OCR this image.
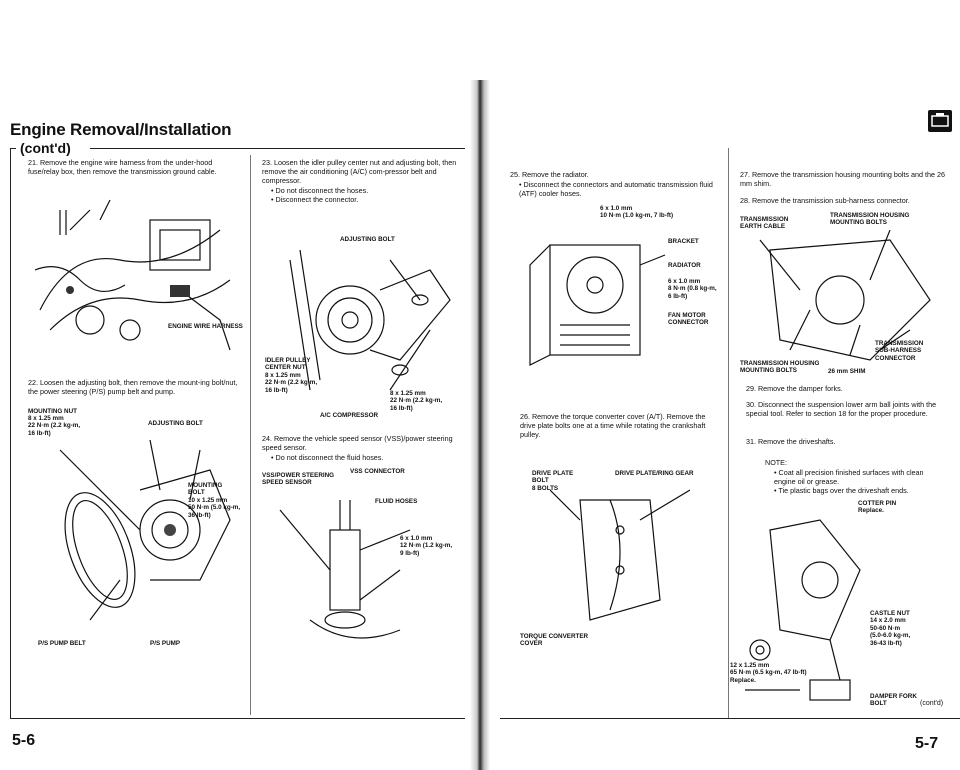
Engine Removal/Installation
(cont'd)

21. Remove the engine wire harness from the under-hood fuse/relay box, then remove the transmission ground cable.

ENGINE WIRE HARNESS

22. Loosen the adjusting bolt, then remove the mount-ing bolt/nut, the power steering (P/S) pump belt and pump.

MOUNTING NUT
8 x 1.25 mm
22 N·m (2.2 kg-m,
16 lb-ft)
ADJUSTING BOLT
MOUNTING
BOLT
10 x 1.25 mm
50 N·m (5.0 kg-m,
36 lb-ft)
P/S PUMP BELT	P/S PUMP

23. Loosen the idler pulley center nut and adjusting bolt, then remove the air conditioning (A/C) com-pressor belt and compressor.

• Do not disconnect the hoses.
• Disconnect the connector.
ADJUSTING BOLT
IDLER PULLEY
CENTER NUT
8 x 1.25 mm
22 N·m (2.2 kg-m,
16 lb-ft)	8 x 1.25 mm
22 N·m (2.2 kg-m,
16 lb-ft)
A/C COMPRESSOR

24. Remove the vehicle speed sensor (VSS)/power steering speed sensor.

• Do not disconnect the fluid hoses.
VSS/POWER STEERING
SPEED SENSOR
VSS CONNECTOR
FLUID HOSES
6 x 1.0 mm
12 N·m (1.2 kg-m,
9 lb-ft)
5-6

25. Remove the radiator.

• Disconnect the connectors and automatic transmission fluid (ATF) cooler hoses.
6 x 1.0 mm
10 N·m (1.0 kg-m, 7 lb-ft)
BRACKET
RADIATOR
6 x 1.0 mm
8 N·m (0.8 kg-m,
6 lb-ft)
FAN MOTOR
CONNECTOR

26. Remove the torque converter cover (A/T). Remove the drive plate bolts one at a time while rotating the crankshaft pulley.

DRIVE PLATE
BOLT
8 BOLTS
DRIVE PLATE/RING GEAR
TORQUE CONVERTER
COVER

27. Remove the transmission housing mounting bolts and the 26 mm shim.

28. Remove the transmission sub-harness connector.

TRANSMISSION
EARTH CABLE
TRANSMISSION HOUSING
MOUNTING BOLTS
TRANSMISSION
SUB-HARNESS
CONNECTOR
TRANSMISSION HOUSING
MOUNTING BOLTS	26 mm SHIM

29. Remove the damper forks.

30. Disconnect the suspension lower arm ball joints with the special tool. Refer to section 18 for the proper procedure.

31. Remove the driveshafts.

NOTE:

• Coat all precision finished surfaces with clean engine oil or grease.
• Tie plastic bags over the driveshaft ends.
COTTER PIN
Replace.
CASTLE NUT
14 x 2.0 mm
50-60 N·m
(5.0-6.0 kg-m,
36-43 lb-ft)
12 x 1.25 mm
65 N·m (6.5 kg-m, 47 lb-ft)
Replace.
DAMPER FORK
BOLT	(cont'd)
5-7
